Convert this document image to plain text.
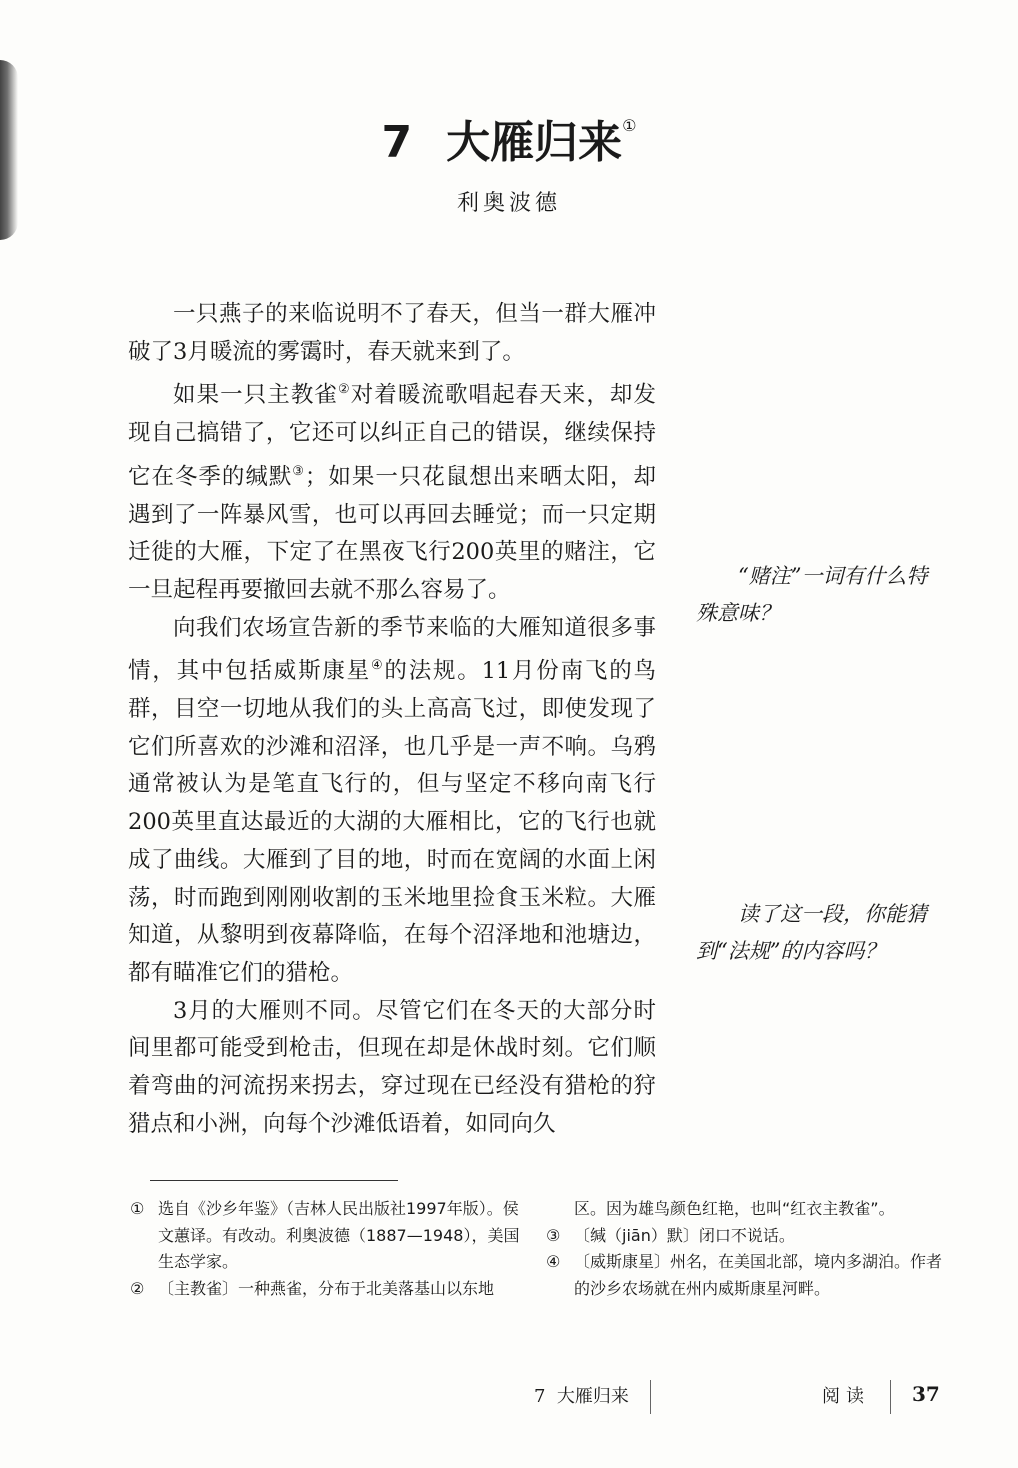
7 大雁归来①
利奥波德

一只燕子的来临说明不了春天，但当一群大雁冲破了3月暖流的雾霭时，春天就来到了。

如果一只主教雀②对着暖流歌唱起春天来，却发现自己搞错了，它还可以纠正自己的错误，继续保持它在冬季的缄默③；如果一只花鼠想出来晒太阳，却遇到了一阵暴风雪，也可以再回去睡觉；而一只定期迁徙的大雁，下定了在黑夜飞行200英里的赌注，它一旦起程再要撤回去就不那么容易了。

向我们农场宣告新的季节来临的大雁知道很多事情，其中包括威斯康星④的法规。11月份南飞的鸟群，目空一切地从我们的头上高高飞过，即使发现了它们所喜欢的沙滩和沼泽，也几乎是一声不响。乌鸦通常被认为是笔直飞行的，但与坚定不移向南飞行200英里直达最近的大湖的大雁相比，它的飞行也就成了曲线。大雁到了目的地，时而在宽阔的水面上闲荡，时而跑到刚刚收割的玉米地里捡食玉米粒。大雁知道，从黎明到夜幕降临，在每个沼泽地和池塘边，都有瞄准它们的猎枪。

3月的大雁则不同。尽管它们在冬天的大部分时间里都可能受到枪击，但现在却是休战时刻。它们顺着弯曲的河流拐来拐去，穿过现在已经没有猎枪的狩猎点和小洲，向每个沙滩低语着，如同向久

“赌注”一词有什么特殊意味？
读了这一段，你能猜到“法规”的内容吗？
① 选自《沙乡年鉴》（吉林人民出版社1997年版）。侯文蕙译。有改动。利奥波德（1887—1948），美国生态学家。
② 〔主教雀〕一种燕雀，分布于北美落基山以东地
区。因为雄鸟颜色红艳，也叫“红衣主教雀”。
③ 〔缄（jiān）默〕闭口不说话。
④ 〔威斯康星〕州名，在美国北部，境内多湖泊。作者的沙乡农场就在州内威斯康星河畔。
7  大雁归来	阅读 37
